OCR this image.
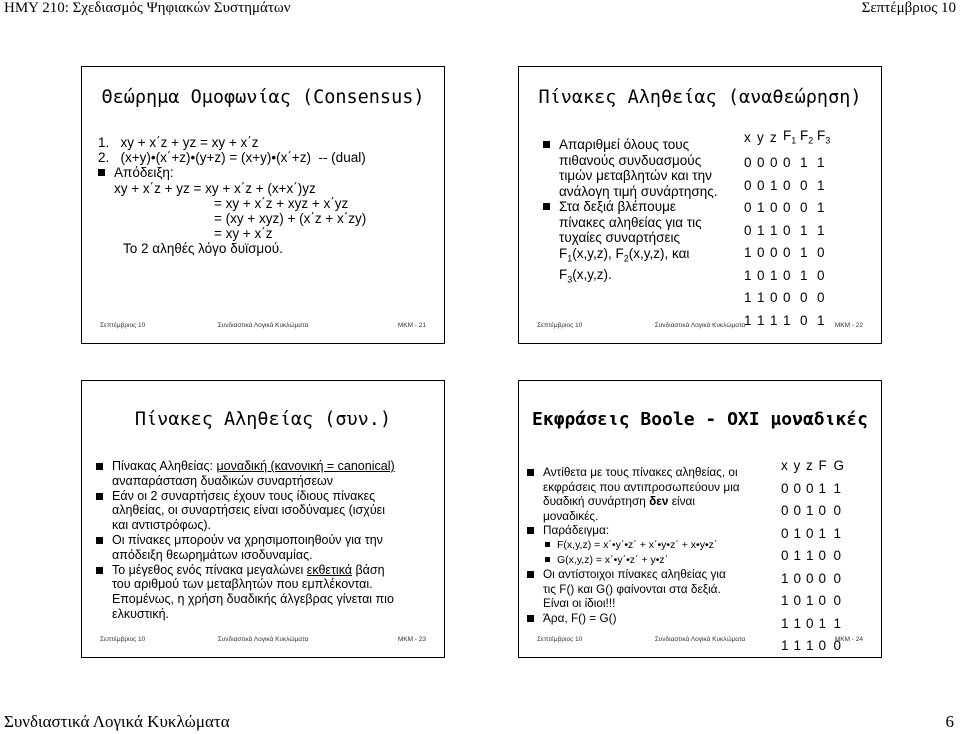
ΗΜΥ 210: Σχεδιασμός Ψηφιακών Συστημάτων	Σεπτέμβριος 10
Θεώρημα Ομοφωνίας (Consensus)
1.   xy + x΄z + yz = xy + x΄z
2.   (x+y)•(x΄+z)•(y+z) = (x+y)•(x΄+z)  -- (dual)
Απόδειξη:
xy + x΄z + yz = xy + x΄z + (x+x΄)yz
= xy + x΄z + xyz + x΄yz
= (xy + xyz) + (x΄z + x΄zy)
= xy + x΄z
Το 2 αληθές λόγο δυϊσμού.
Σεπτέμβριος 10	Συνδιαστικά Λογικά Κυκλώματα	ΜΚΜ - 21
Πίνακες Αληθείας (αναθεώρηση)
Απαριθμεί όλους τους
πιθανούς συνδυασμούς
τιμών μεταβλητών και την
ανάλογη τιμή συνάρτησης.
Στα δεξιά βλέπουμε
πίνακες αληθείας για τις
τυχαίες συναρτήσεις
$F_1(x,y,z)$, $F_2(x,y,z)$, και
$F_3(x,y,z)$.
x	y	z	$F_1$	$F_2$	$F_3$
0	0	0	0	1	1
0	0	1	0	0	1
0	1	0	0	0	1
0	1	1	0	1	1
1	0	0	0	1	0
1	0	1	0	1	0
1	1	0	0	0	0
1	1	1	1	0	1
Σεπτέμβριος 10	Συνδιαστικά Λογικά Κυκλώματα	ΜΚΜ - 22
Πίνακες Αληθείας (συν.)
Πίνακας Αληθείας: μοναδική (κανονική = canonical)
αναπαράσταση δυαδικών συναρτήσεων
Εάν οι 2 συναρτήσεις έχουν τους ίδιους πίνακες
αληθείας, οι συναρτήσεις είναι ισοδύναμες (ισχύει
και αντιστρόφως).
Οι πίνακες μπορούν να χρησιμοποιηθούν για την
απόδειξη θεωρημάτων ισοδυναμίας.
Το μέγεθος ενός πίνακα μεγαλώνει εκθετικά βάση
του αριθμού των μεταβλητών που εμπλέκονται.
Επομένως, η χρήση δυαδικής άλγεβρας γίνεται πιο
ελκυστική.
Σεπτέμβριος 10	Συνδιαστικά Λογικά Κυκλώματα	ΜΚΜ - 23
Εκφράσεις Boole - ΟΧΙ μοναδικές
Αντίθετα με τους πίνακες αληθείας, οι
εκφράσεις που αντιπροσωπεύουν μια
δυαδική συνάρτηση δεν είναι
μοναδικές.
Παράδειγμα:
F(x,y,z) = x΄•y΄•z΄ + x΄•y•z΄ + x•y•z΄
G(x,y,z) = x΄•y΄•z΄ + y•z΄
Οι αντίστοιχοι πίνακες αληθείας για
τις F() και G() φαίνονται στα δεξιά.
Είναι οι ίδιοι!!!
Άρα, F() = G()
x	y	z	F	G
0	0	0	1	1
0	0	1	0	0
0	1	0	1	1
0	1	1	0	0
1	0	0	0	0
1	0	1	0	0
1	1	0	1	1
1	1	1	0	0
Σεπτέμβριος 10	Συνδιαστικά Λογικά Κυκλώματα	ΜΚΜ - 24
Συνδιαστικά Λογικά Κυκλώματα	6
